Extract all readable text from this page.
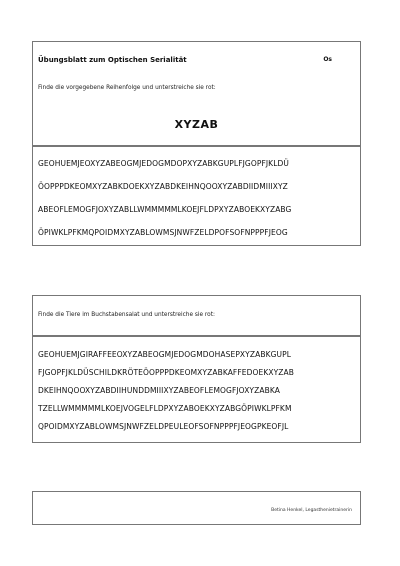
Übungsblatt zum Optischen Serialität	Os
Finde die vorgegebene Reihenfolge und unterstreiche sie rot:
XYZAB
GEOHUEMJEOXYZABEOGMJEDOGMDOPXYZABKGUPLFJGOPFJKLDÜ
ÖOPPPDKEOMXYZABKDOEKXYZABDKEIHNQOOXYZABDIIDMIIIXYZ
ABEOFLEMOGFJOXYZABLLWMMMMMLKOEJFLDPXYZABOEKXYZABG
ÖPIWKLPFKMQPOIDMXYZABLOWMSJNWFZELDPOFSOFNPPPFJEOG
Finde die Tiere im Buchstabensalat und unterstreiche sie rot:
GEOHUEMJGIRAFFEEOXYZABEOGMJEDOGMDOHASEPXYZABKGUPL
FJGOPFJKLDÜSCHILDKRÖTEÖOPPPDKEOMXYZABKAFFEDOEKXYZAB
DKEIHNQOOXYZABDIIHUNDDMIIIXYZABEOFLEMOGFJOXYZABKA
TZELLWMMMMMLKOEJVOGELFLDPXYZABOEKXYZABGÖPIWKLPFKM
QPOIDMXYZABLOWMSJNWFZELDPEULEOFSOFNPPPFJEOGPKEOFJL
Betina Henkel, Legasthenietrainerin
